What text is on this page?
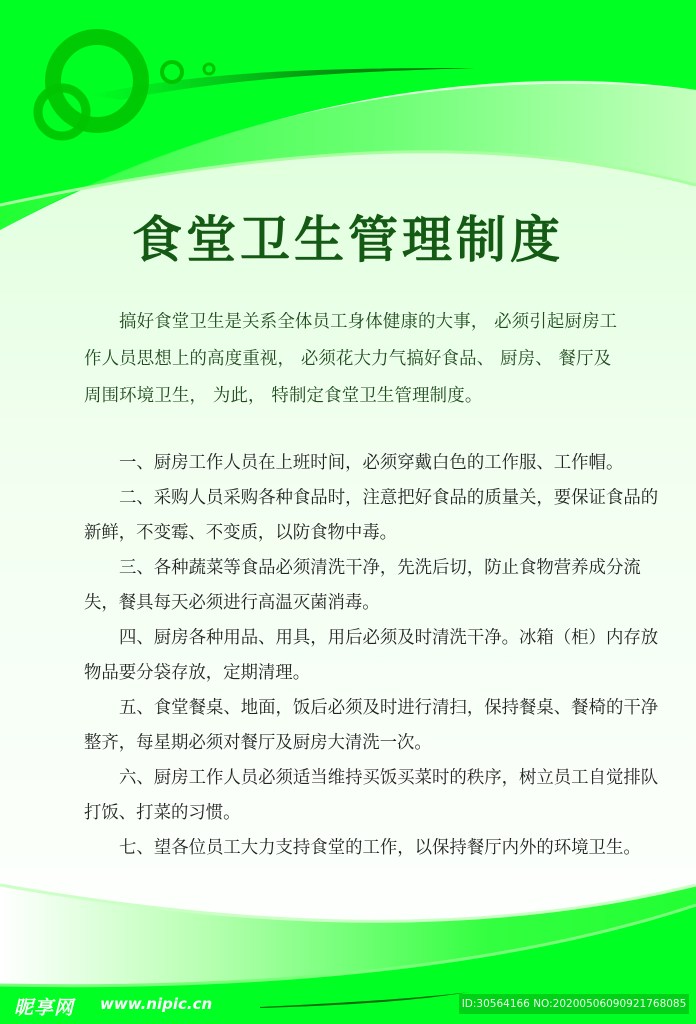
食堂卫生管理制度
搞好食堂卫生是关系全体员工身体健康的大事， 必须引起厨房工作人员思想上的高度重视， 必须花大力气搞好食品、 厨房、 餐厅及周围环境卫生， 为此， 特制定食堂卫生管理制度。
一、厨房工作人员在上班时间，必须穿戴白色的工作服、工作帽。
二、采购人员采购各种食品时，注意把好食品的质量关，要保证食品的新鲜，不变霉、不变质，以防食物中毒。
三、各种蔬菜等食品必须清洗干净，先洗后切，防止食物营养成分流失，餐具每天必须进行高温灭菌消毒。
四、厨房各种用品、用具，用后必须及时清洗干净。冰箱（柜）内存放物品要分袋存放，定期清理。
五、食堂餐桌、地面，饭后必须及时进行清扫，保持餐桌、餐椅的干净整齐，每星期必须对餐厅及厨房大清洗一次。
六、厨房工作人员必须适当维持买饭买菜时的秩序，树立员工自觉排队打饭、打菜的习惯。
七、望各位员工大力支持食堂的工作，以保持餐厅内外的环境卫生。
昵享网 www.nipic.cn	ID:30564166 NO:20200506090921768085
